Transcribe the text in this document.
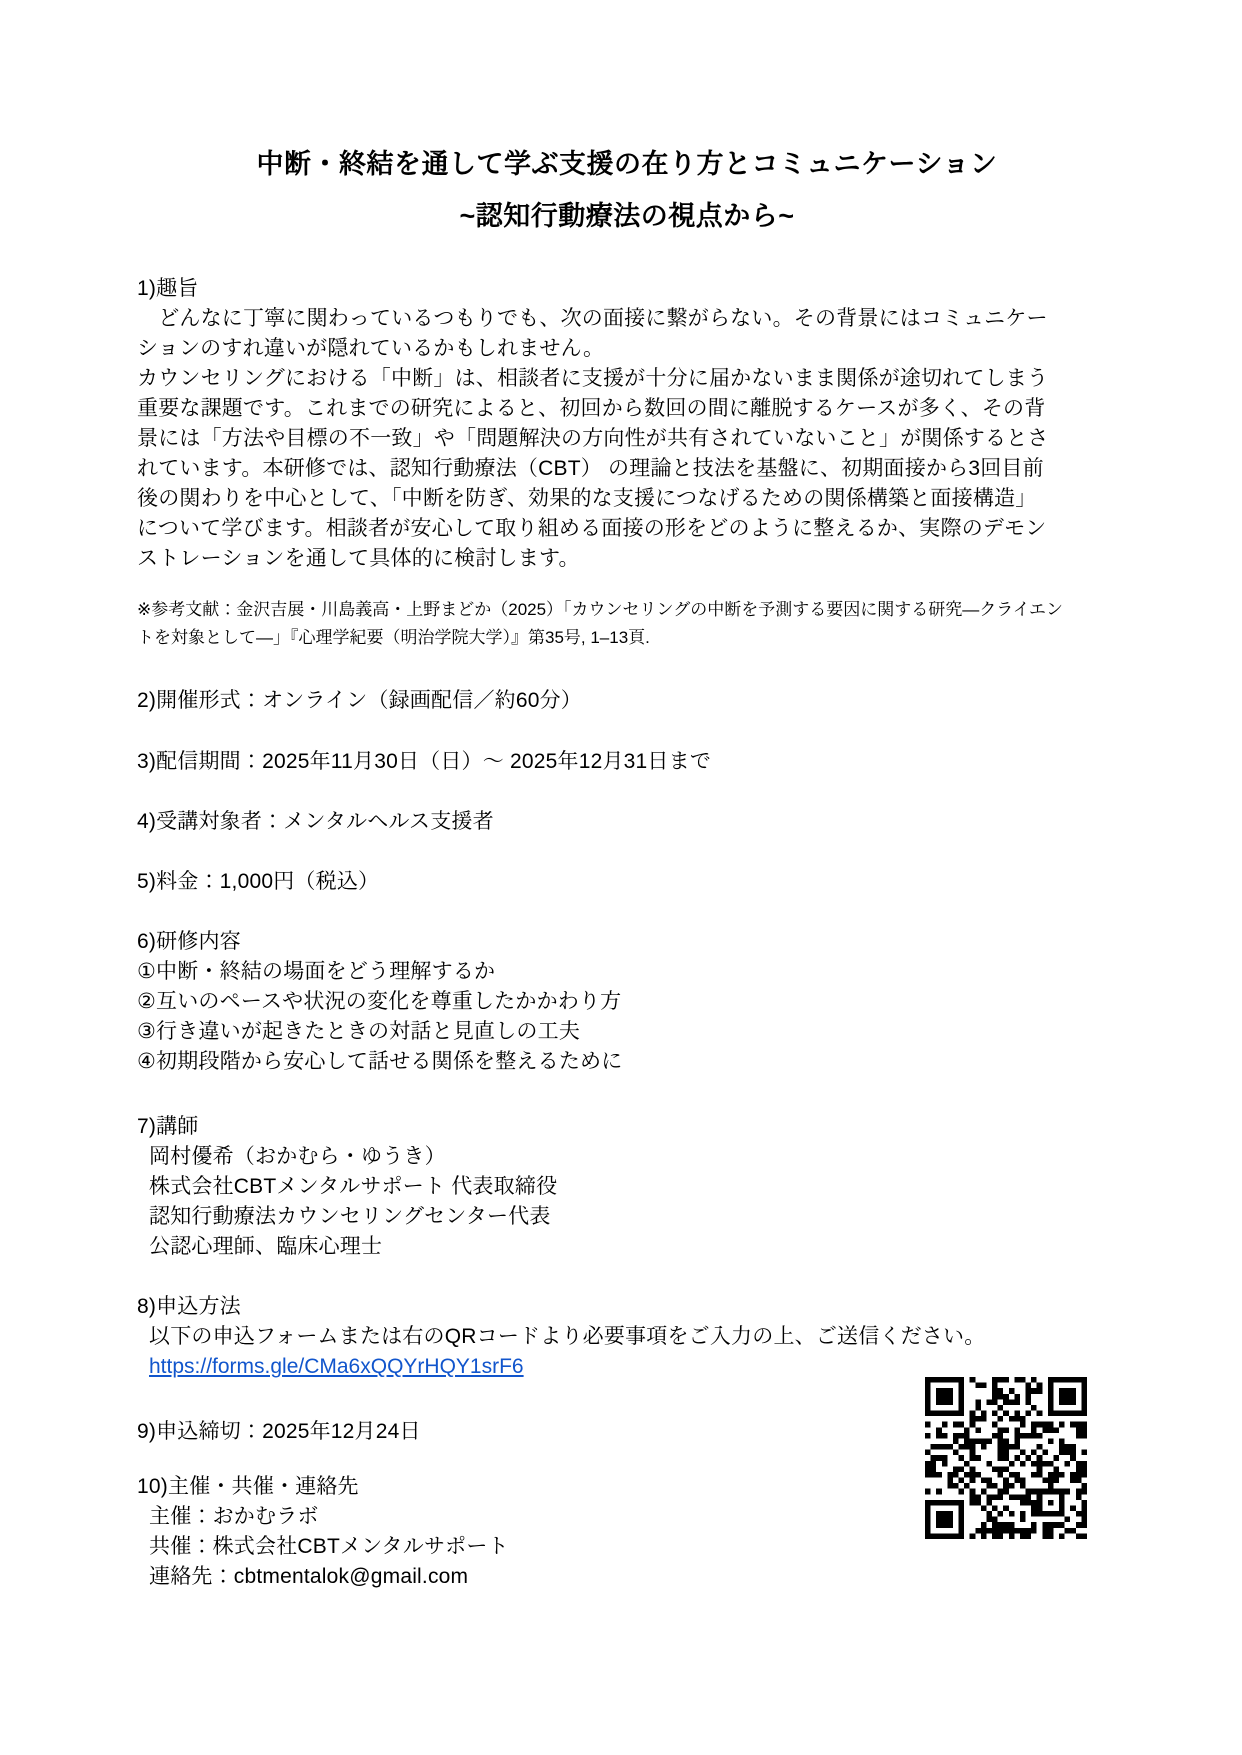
中断・終結を通して学ぶ支援の在り方とコミュニケーション
~認知行動療法の視点から~
1)趣旨
　どんなに丁寧に関わっているつもりでも、次の面接に繋がらない。その背景にはコミュニケー
ションのすれ違いが隠れているかもしれません。
カウンセリングにおける「中断」は、相談者に支援が十分に届かないまま関係が途切れてしまう
重要な課題です。これまでの研究によると、初回から数回の間に離脱するケースが多く、その背
景には「方法や目標の不一致」や「問題解決の方向性が共有されていないこと」が関係するとさ
れています。本研修では、認知行動療法（CBT） の理論と技法を基盤に、初期面接から3回目前
後の関わりを中心として、「中断を防ぎ、効果的な支援につなげるための関係構築と面接構造」
について学びます。相談者が安心して取り組める面接の形をどのように整えるか、実際のデモン
ストレーションを通して具体的に検討します。
※参考文献：金沢吉展・川島義高・上野まどか（2025）「カウンセリングの中断を予測する要因に関する研究—クライエン
トを対象として—」『心理学紀要（明治学院大学）』第35号, 1–13頁.
2)開催形式：オンライン（録画配信／約60分）
3)配信期間：2025年11月30日（日）～ 2025年12月31日まで
4)受講対象者：メンタルヘルス支援者
5)料金：1,000円（税込）
6)研修内容
①中断・終結の場面をどう理解するか
②互いのペースや状況の変化を尊重したかかわり方
③行き違いが起きたときの対話と見直しの工夫
④初期段階から安心して話せる関係を整えるために
7)講師
岡村優希（おかむら・ゆうき）
株式会社CBTメンタルサポート 代表取締役
認知行動療法カウンセリングセンター代表
公認心理師、臨床心理士
8)申込方法
以下の申込フォームまたは右のQRコードより必要事項をご入力の上、ご送信ください。
https://forms.gle/CMa6xQQYrHQY1srF6
9)申込締切：2025年12月24日
10)主催・共催・連絡先
主催：おかむラボ
共催：株式会社CBTメンタルサポート
連絡先：cbtmentalok@gmail.com
